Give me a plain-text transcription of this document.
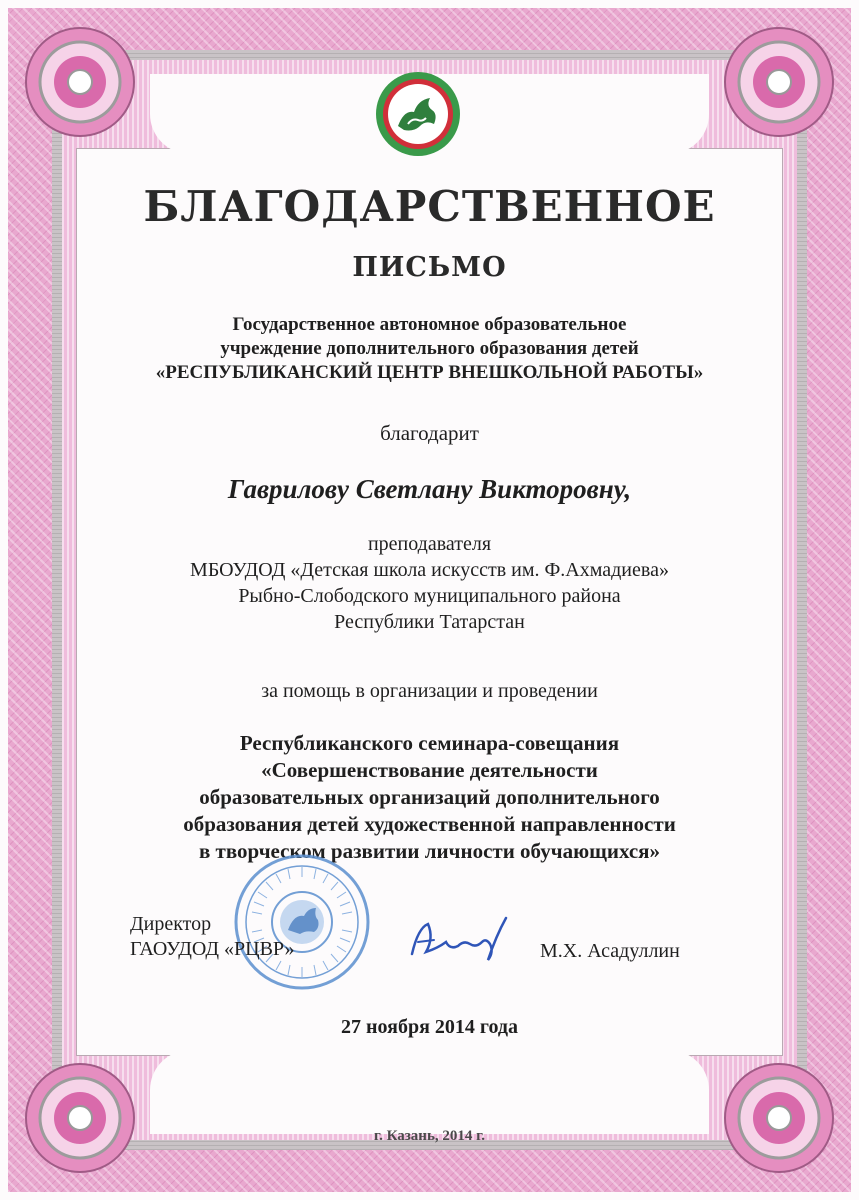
БЛАГОДАРСТВЕННОЕ
ПИСЬМО
Государственное автономное образовательное
учреждение дополнительного образования детей
«РЕСПУБЛИКАНСКИЙ ЦЕНТР ВНЕШКОЛЬНОЙ РАБОТЫ»
благодарит
Гаврилову Светлану Викторовну,
преподавателя
МБОУДОД «Детская школа искусств им. Ф.Ахмадиева»
Рыбно-Слободского муниципального района
Республики Татарстан
за помощь в организации и проведении
Республиканского семинара-совещания
«Совершенствование деятельности
образовательных организаций дополнительного
образования детей художественной направленности
в творческом развитии личности обучающихся»
Директор
ГАОУДОД «РЦВР»	М.Х. Асадуллин
27 ноября 2014 года
г. Казань, 2014 г.
